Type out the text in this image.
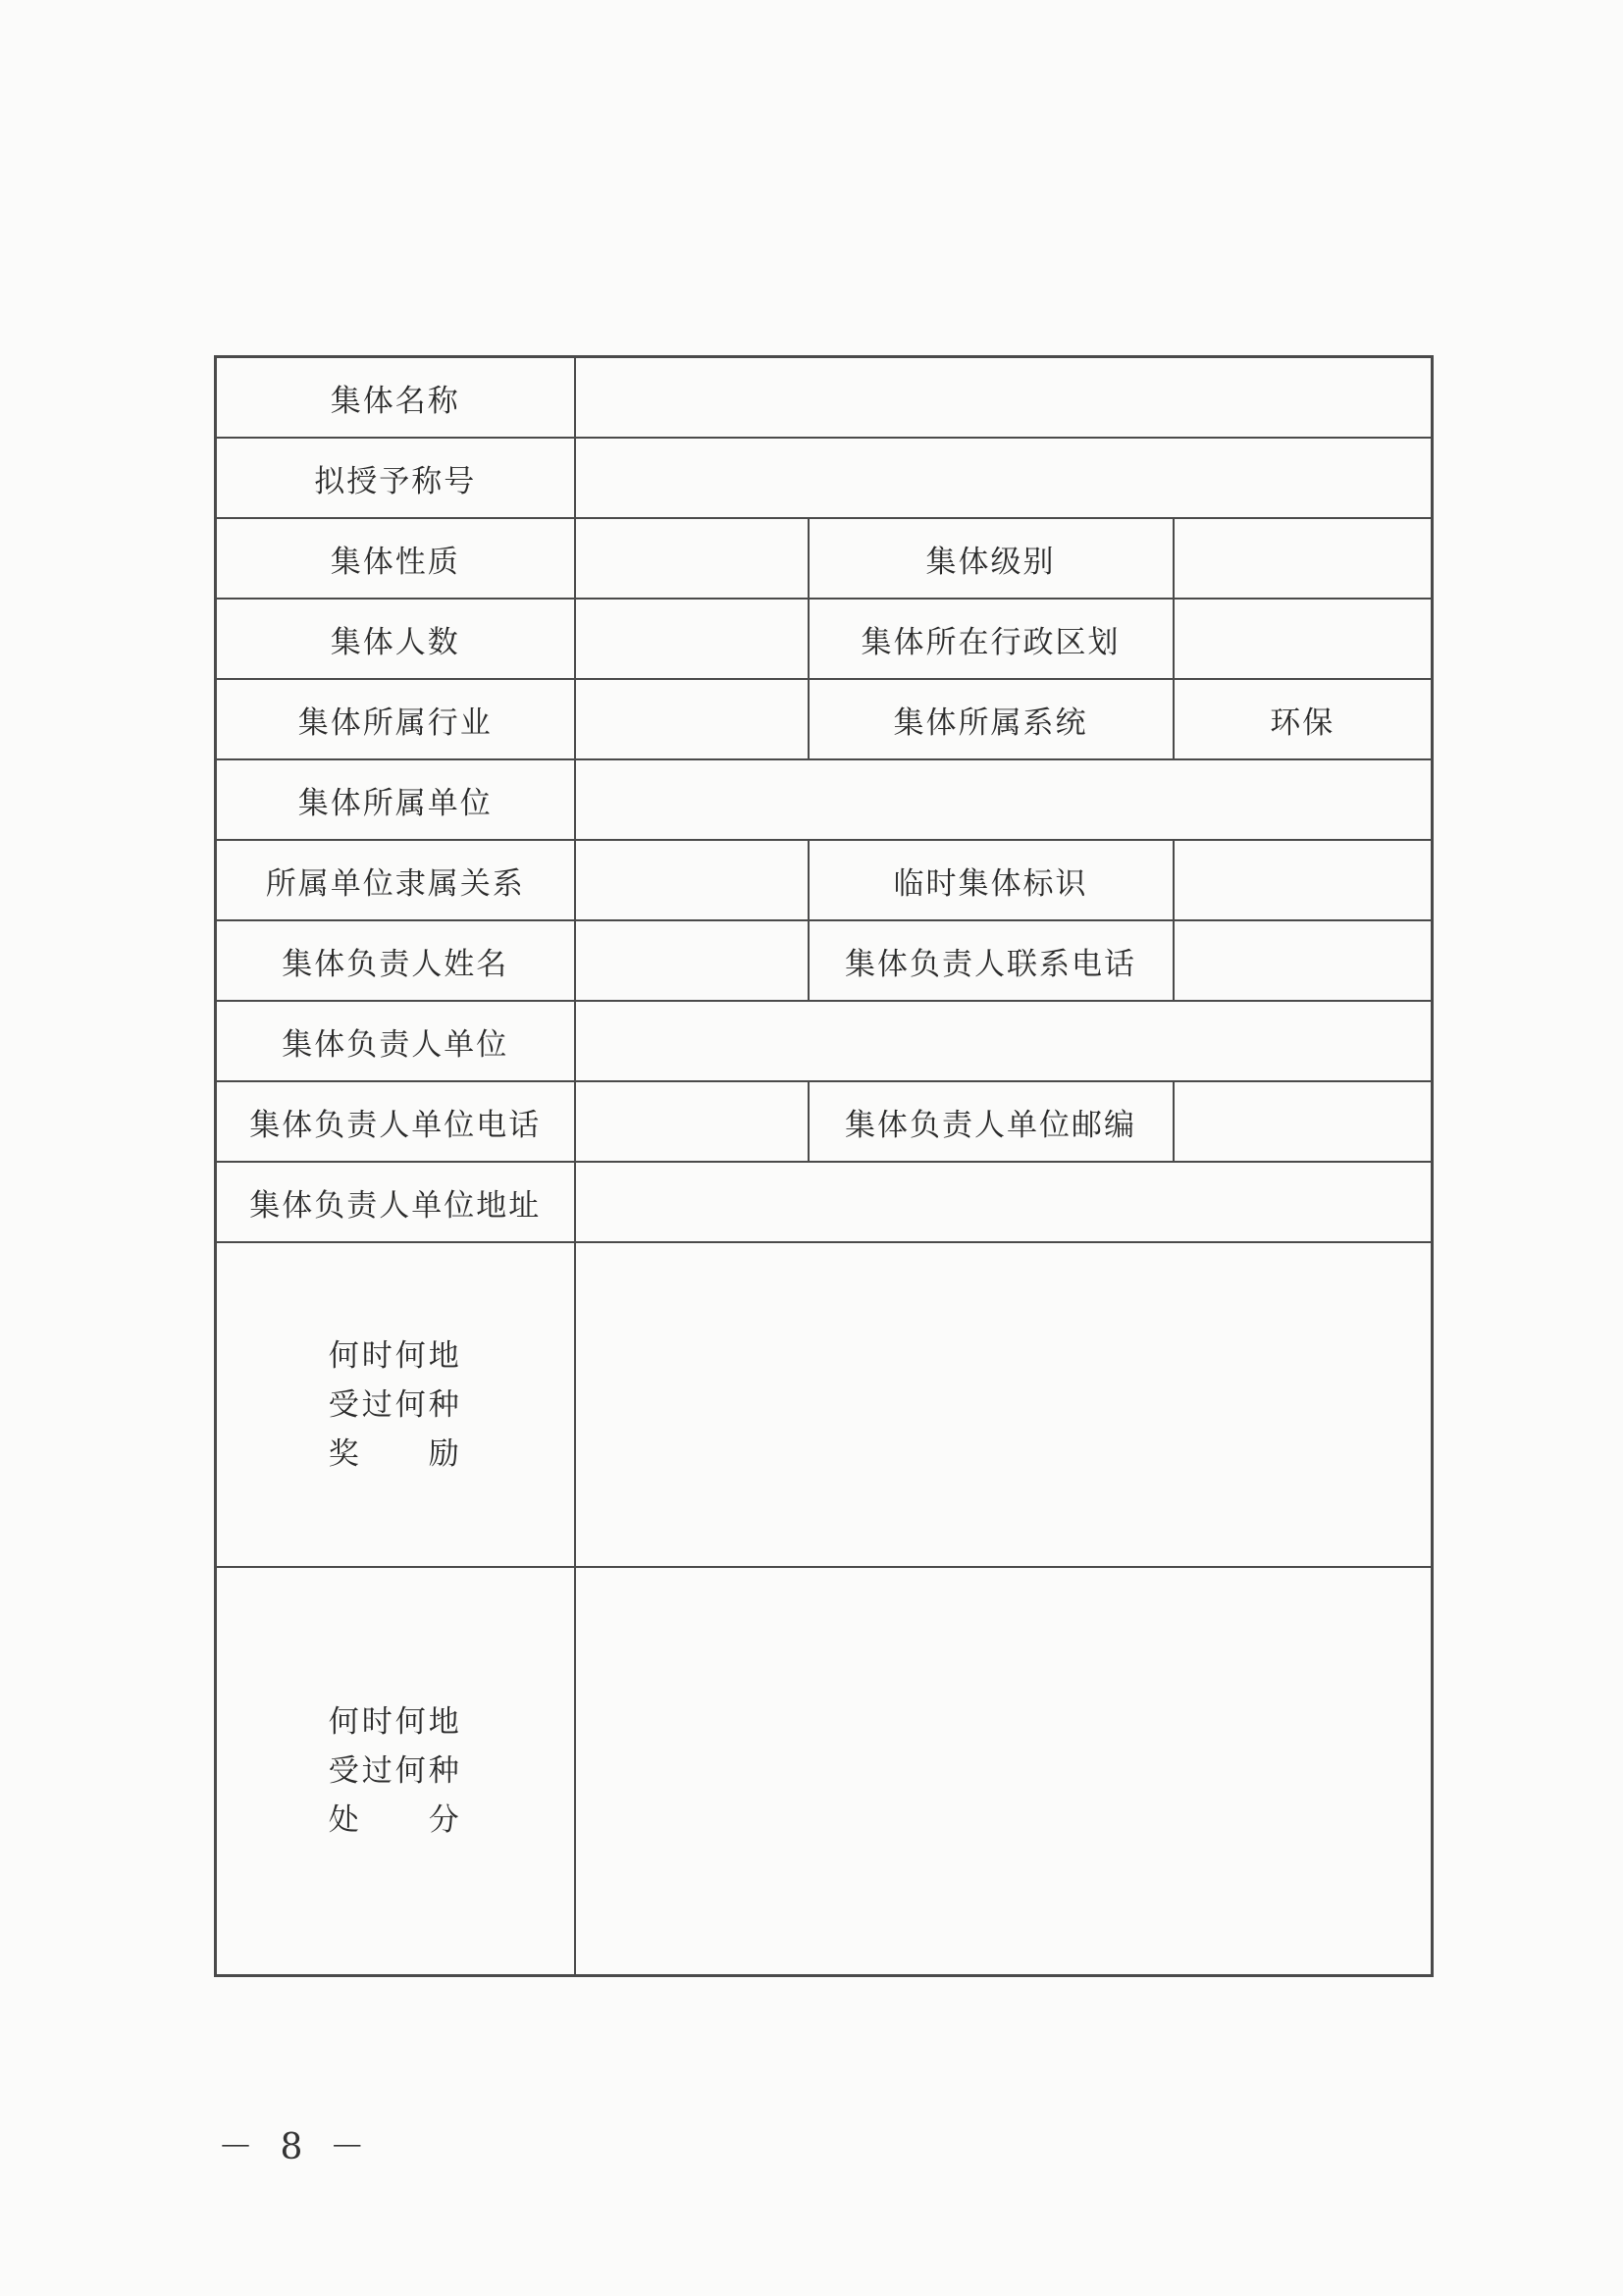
集体名称			
拟授予称号			
集体性质		集体级别	
集体人数		集体所在行政区划	
集体所属行业		集体所属系统	环保
集体所属单位			
所属单位隶属关系		临时集体标识	
集体负责人姓名		集体负责人联系电话	
集体负责人单位			
集体负责人单位电话		集体负责人单位邮编	
集体负责人单位地址			

何时何地
受过何种
奖　　励			

何时何地
受过何种
处　　分			

－ 8 －
